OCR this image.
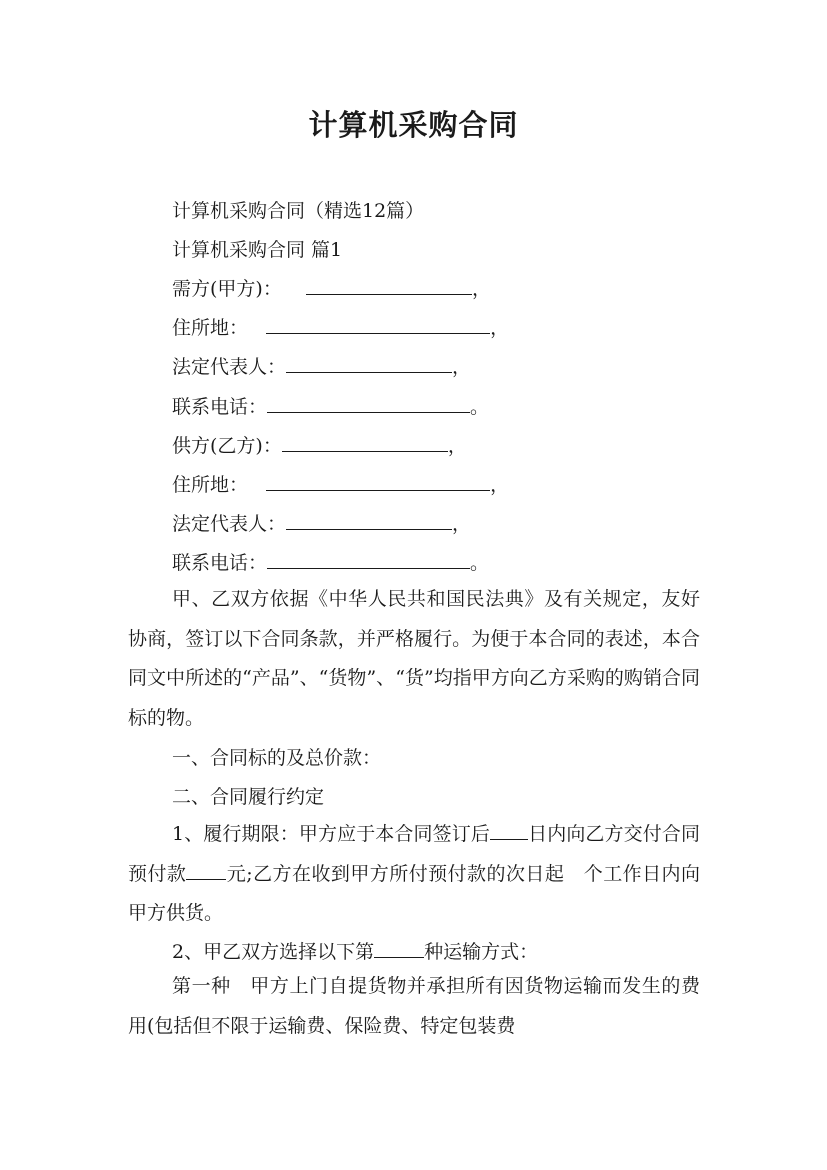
计算机采购合同
计算机采购合同（精选12篇）
计算机采购合同 篇1
需方(甲方)：	，
住所地：	，
法定代表人：	，
联系电话：	。
供方(乙方)：	，
住所地：	，
法定代表人：	，
联系电话：	。
甲、乙双方依据《中华人民共和国民法典》及有关规定，友好协商，签订以下合同条款，并严格履行。为便于本合同的表述，本合同文中所述的“产品”、“货物”、“货”均指甲方向乙方采购的购销合同标的物。
一、合同标的及总价款：
二、合同履行约定
1、履行期限：甲方应于本合同签订后 日内向乙方交付合同预付款 元;乙方在收到甲方所付预付款的次日起　个工作日内向甲方供货。
2、甲乙双方选择以下第	种运输方式：
第一种　甲方上门自提货物并承担所有因货物运输而发生的费用(包括但不限于运输费、保险费、特定包装费
